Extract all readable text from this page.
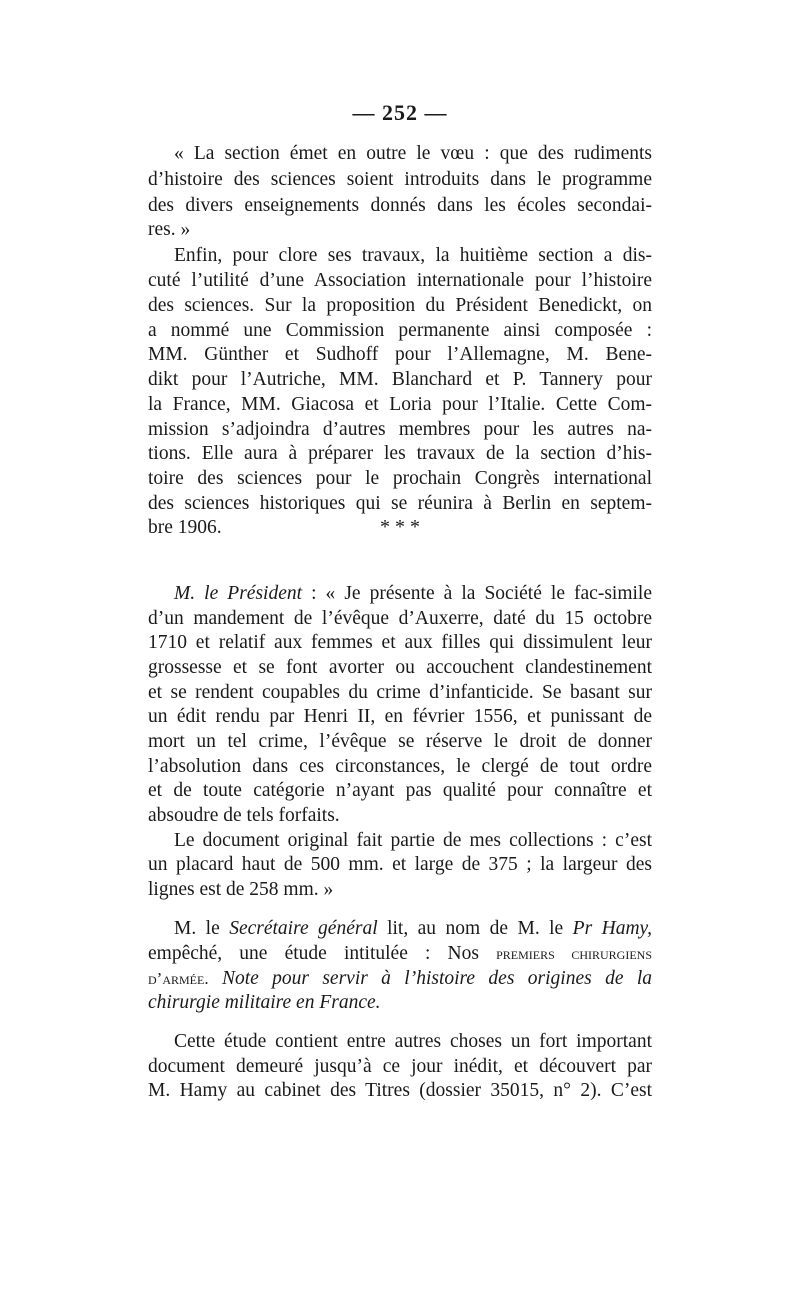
— 252 —
« La section émet en outre le vœu : que des rudiments
d’histoire des sciences soient introduits dans le programme
des divers enseignements donnés dans les écoles secondai-
res. »
Enfin, pour clore ses travaux, la huitième section a dis-
cuté l’utilité d’une Association internationale pour l’histoire
des sciences. Sur la proposition du Président Benedickt, on
a nommé une Commission permanente ainsi composée :
MM. Günther et Sudhoff pour l’Allemagne, M. Bene-
dikt pour l’Autriche, MM. Blanchard et P. Tannery pour
la France, MM. Giacosa et Loria pour l’Italie. Cette Com-
mission s’adjoindra d’autres membres pour les autres na-
tions. Elle aura à préparer les travaux de la section d’his-
toire des sciences pour le prochain Congrès international
des sciences historiques qui se réunira à Berlin en septem-
bre 1906.	* * *
M. le Président : « Je présente à la Société le fac-simile
d’un mandement de l’évêque d’Auxerre, daté du 15 octobre
1710 et relatif aux femmes et aux filles qui dissimulent leur
grossesse et se font avorter ou accouchent clandestinement
et se rendent coupables du crime d’infanticide. Se basant sur
un édit rendu par Henri II, en février 1556, et punissant de
mort un tel crime, l’évêque se réserve le droit de donner
l’absolution dans ces circonstances, le clergé de tout ordre
et de toute catégorie n’ayant pas qualité pour connaître et
absoudre de tels forfaits.
Le document original fait partie de mes collections : c’est
un placard haut de 500 mm. et large de 375 ; la largeur des
lignes est de 258 mm. »
M. le Secrétaire général lit, au nom de M. le Pr Hamy,
empêché, une étude intitulée : Nos premiers chirurgiens
d’armée. Note pour servir à l’histoire des origines de la
chirurgie militaire en France.
Cette étude contient entre autres choses un fort important
document demeuré jusqu’à ce jour inédit, et découvert par
M. Hamy au cabinet des Titres (dossier 35015, n° 2). C’est
